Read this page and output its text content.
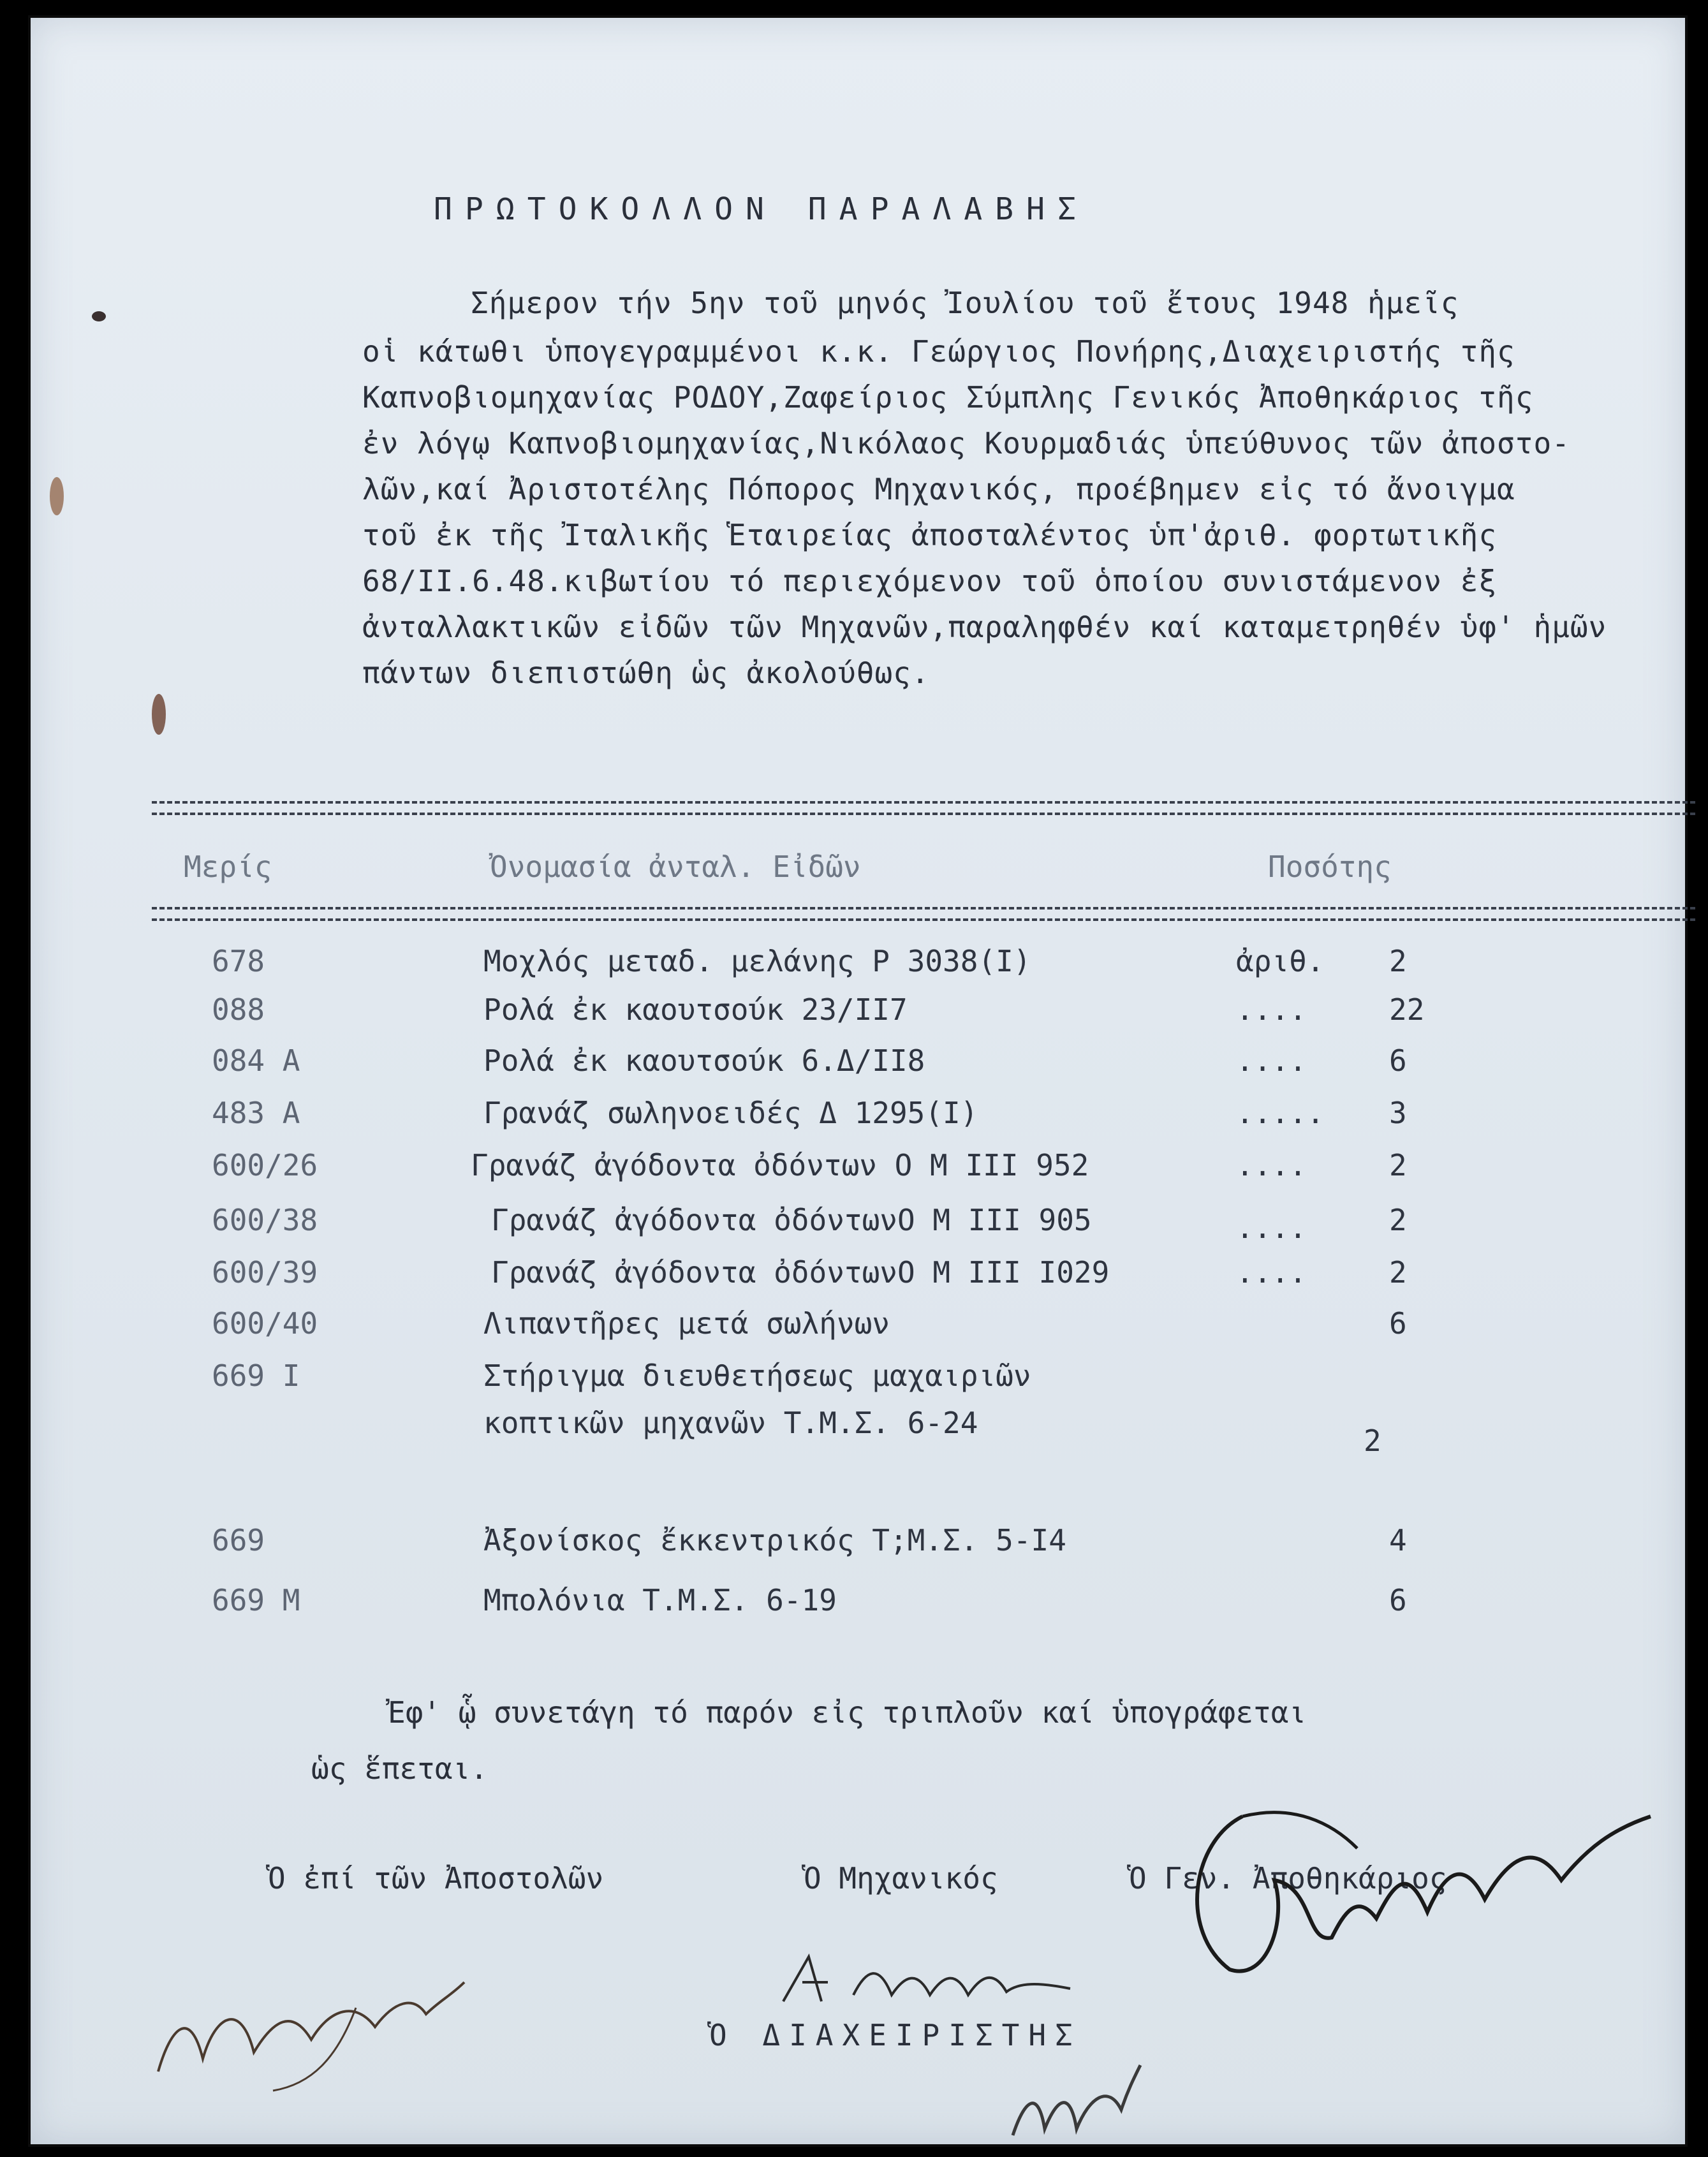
ΠΡΩΤΟΚΟΛΛΟΝ ΠΑΡΑΛΑΒΗΣ
Σήμερον τήν 5ην τοῦ μηνός Ἰουλίου τοῦ ἔτους 1948 ἡμεῖς
οἱ κάτωθι ὑπογεγραμμένοι κ.κ. Γεώργιος Πονήρης,Διαχειριστής τῆς
Καπνοβιομηχανίας ΡΟΔΟΥ,Ζαφείριος Σύμπλης Γενικός Ἀποθηκάριος τῆς
ἐν λόγῳ Καπνοβιομηχανίας,Νικόλαος Κουρμαδιάς ὑπεύθυνος τῶν ἀποστο-
λῶν,καί Ἀριστοτέλης Πόπορος Μηχανικός, προέβημεν εἰς τό ἄνοιγμα
τοῦ ἐκ τῆς Ἰταλικῆς Ἑταιρείας ἀποσταλέντος ὑπ'ἀριθ. φορτωτικῆς
68/II.6.48.κιβωτίου τό περιεχόμενον τοῦ ὁποίου συνιστάμενον ἐξ
ἀνταλλακτικῶν εἰδῶν τῶν Μηχανῶν,παραληφθέν καί καταμετρηθέν ὑφ' ἡμῶν
πάντων διεπιστώθη ὡς ἀκολούθως.
Μερίς	Ὀνομασία ἀνταλ. Εἰδῶν	Ποσότης
678	Μοχλός μεταδ. μελάνης Ρ 3038(I)	ἀριθ. 2
088	Ρολά ἐκ καουτσούκ 23/II7	....	22
084 Α	Ρολά ἐκ καουτσούκ 6.Δ/II8	....	6
483 Α	Γρανάζ σωληνοειδές Δ 1295(I)	..... 3
600/26	Γρανάζ ἀγόδοντα ὀδόντων Ο Μ III 952	....	2
600/38	Γρανάζ ἀγόδοντα ὀδόντωνΟ Μ III 905	....	2
600/39	Γρανάζ ἀγόδοντα ὀδόντωνΟ Μ III I029	....	2
600/40	Λιπαντῆρες μετά σωλήνων	6
669 Ι	Στήριγμα διευθετήσεως μαχαιριῶν
κοπτικῶν μηχανῶν Τ.Μ.Σ. 6-24
2
669	Ἀξονίσκος ἔκκεντρικός Τ;Μ.Σ. 5-I4	4
669 Μ	Μπολόνια Τ.Μ.Σ. 6-19	6
Ἐφ' ᾧ συνετάγη τό παρόν εἰς τριπλοῦν καί ὑπογράφεται
ὡς ἕπεται.
Ὁ ἐπί τῶν Ἀποστολῶν	Ὁ Μηχανικός	Ὁ Γεν. Ἀποθηκάριος
Ὁ ΔΙΑΧΕΙΡΙΣΤΗΣ
